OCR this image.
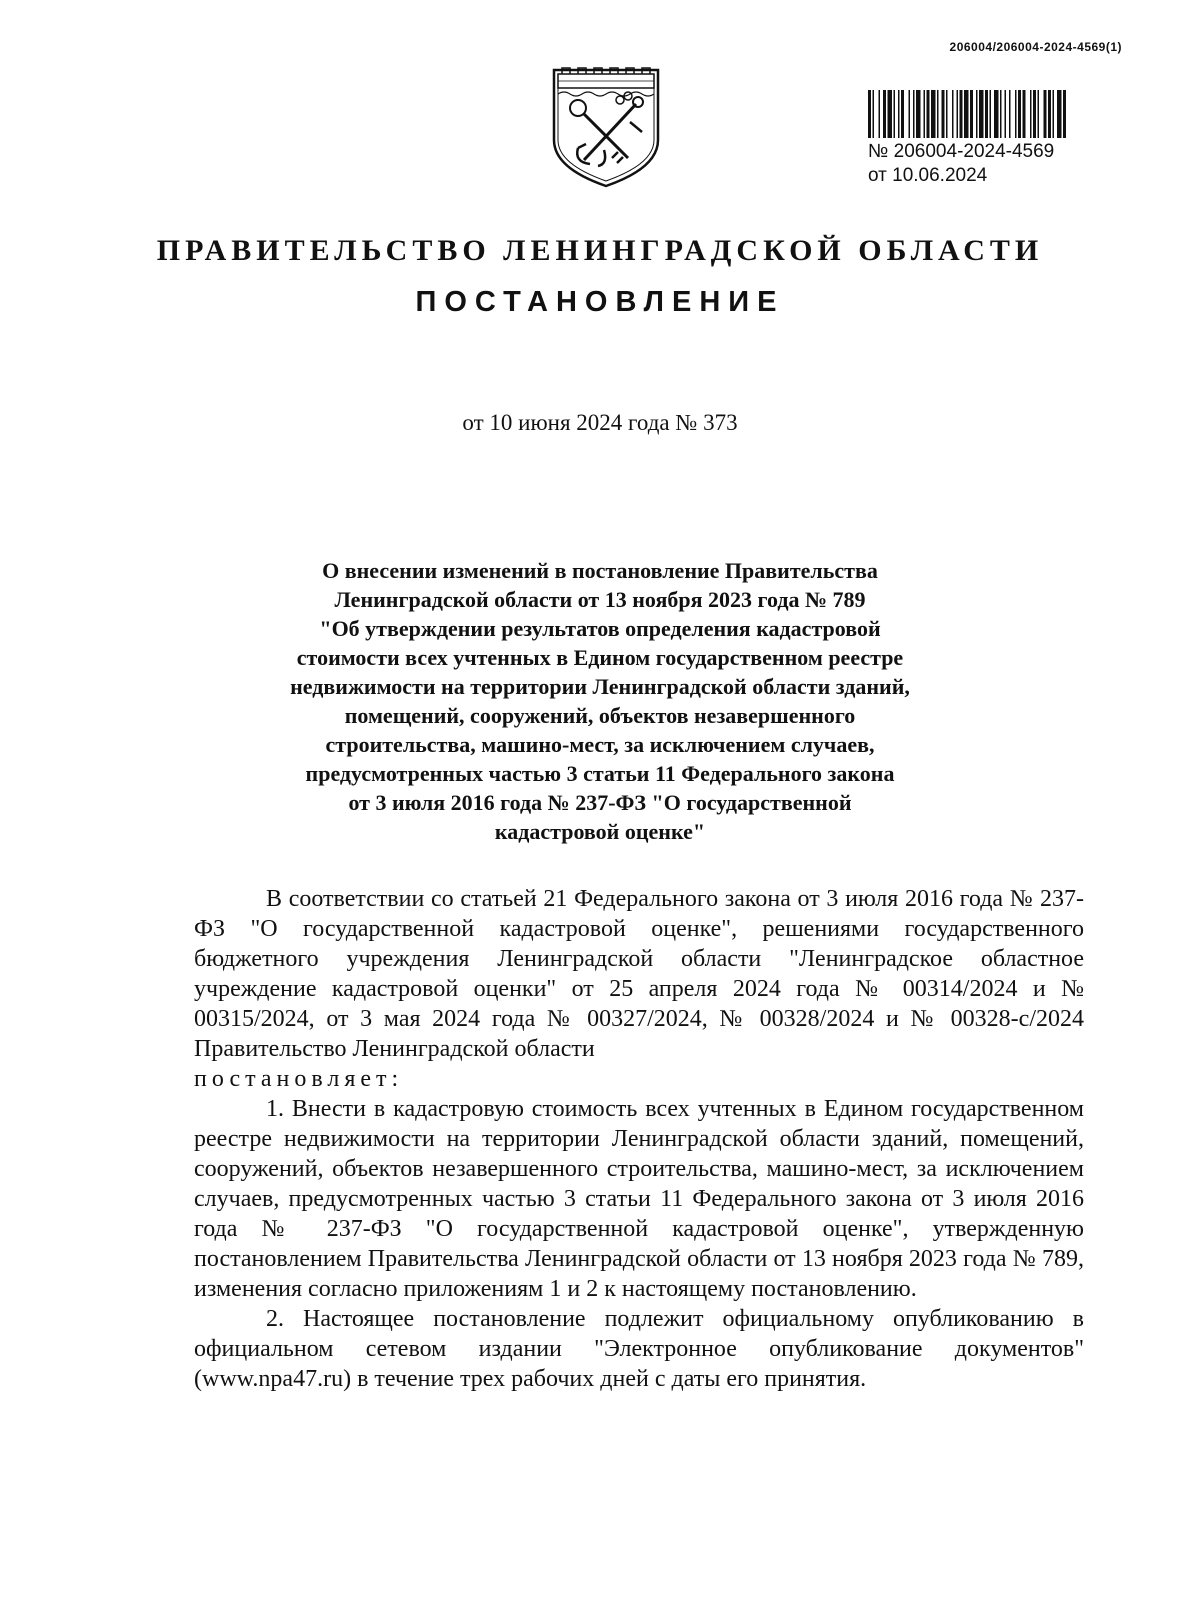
206004/206004-2024-4569(1)
№ 206004-2024-4569
от 10.06.2024
ПРАВИТЕЛЬСТВО ЛЕНИНГРАДСКОЙ ОБЛАСТИ
ПОСТАНОВЛЕНИЕ
от 10 июня 2024 года № 373
О внесении изменений в постановление Правительства
Ленинградской области от 13 ноября 2023 года № 789
"Об утверждении результатов определения кадастровой
стоимости всех учтенных в Едином государственном реестре
недвижимости на территории Ленинградской области зданий,
помещений, сооружений, объектов незавершенного
строительства, машино-мест, за исключением случаев,
предусмотренных частью 3 статьи 11 Федерального закона
от 3 июля 2016 года № 237-ФЗ "О государственной
кадастровой оценке"

В соответствии со статьей 21 Федерального закона от 3 июля 2016 года № 237-ФЗ "О государственной кадастровой оценке", решениями государственного бюджетного учреждения Ленинградской области "Ленинградское областное учреждение кадастровой оценки" от 25 апреля 2024 года № 00314/2024 и № 00315/2024, от 3 мая 2024 года № 00327/2024, № 00328/2024 и № 00328-с/2024 Правительство Ленинградской области

постановляет:

1. Внести в кадастровую стоимость всех учтенных в Едином государственном реестре недвижимости на территории Ленинградской области зданий, помещений, сооружений, объектов незавершенного строительства, машино-мест, за исключением случаев, предусмотренных частью 3 статьи 11 Федерального закона от 3 июля 2016 года № 237-ФЗ "О государственной кадастровой оценке", утвержденную постановлением Правительства Ленинградской области от 13 ноября 2023 года № 789, изменения согласно приложениям 1 и 2 к настоящему постановлению.

2. Настоящее постановление подлежит официальному опубликованию в официальном сетевом издании "Электронное опубликование документов" (www.npa47.ru) в течение трех рабочих дней с даты его принятия.
